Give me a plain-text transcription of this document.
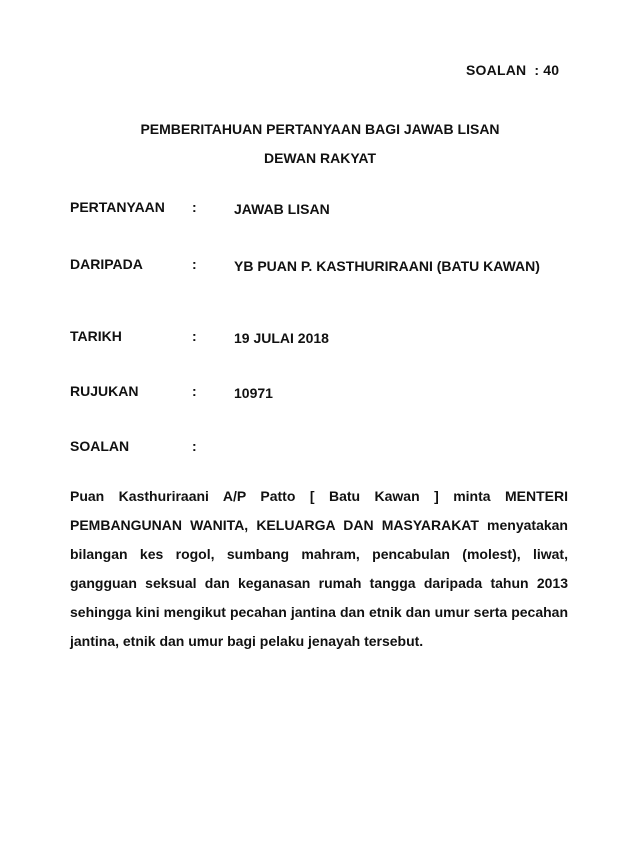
SOALAN : 40
PEMBERITAHUAN PERTANYAAN BAGI JAWAB LISAN
DEWAN RAKYAT
PERTANYAAN :	JAWAB LISAN
DARIPADA	:	YB PUAN P. KASTHURIRAANI (BATU KAWAN)
TARIKH	:	19 JULAI 2018
RUJUKAN	:	10971
SOALAN	:
Puan Kasthuriraani A/P Patto [ Batu Kawan ] minta MENTERI PEMBANGUNAN WANITA, KELUARGA DAN MASYARAKAT menyatakan bilangan kes rogol, sumbang mahram, pencabulan (molest), liwat, gangguan seksual dan keganasan rumah tangga daripada tahun 2013 sehingga kini mengikut pecahan jantina dan etnik dan umur serta pecahan jantina, etnik dan umur bagi pelaku jenayah tersebut.
